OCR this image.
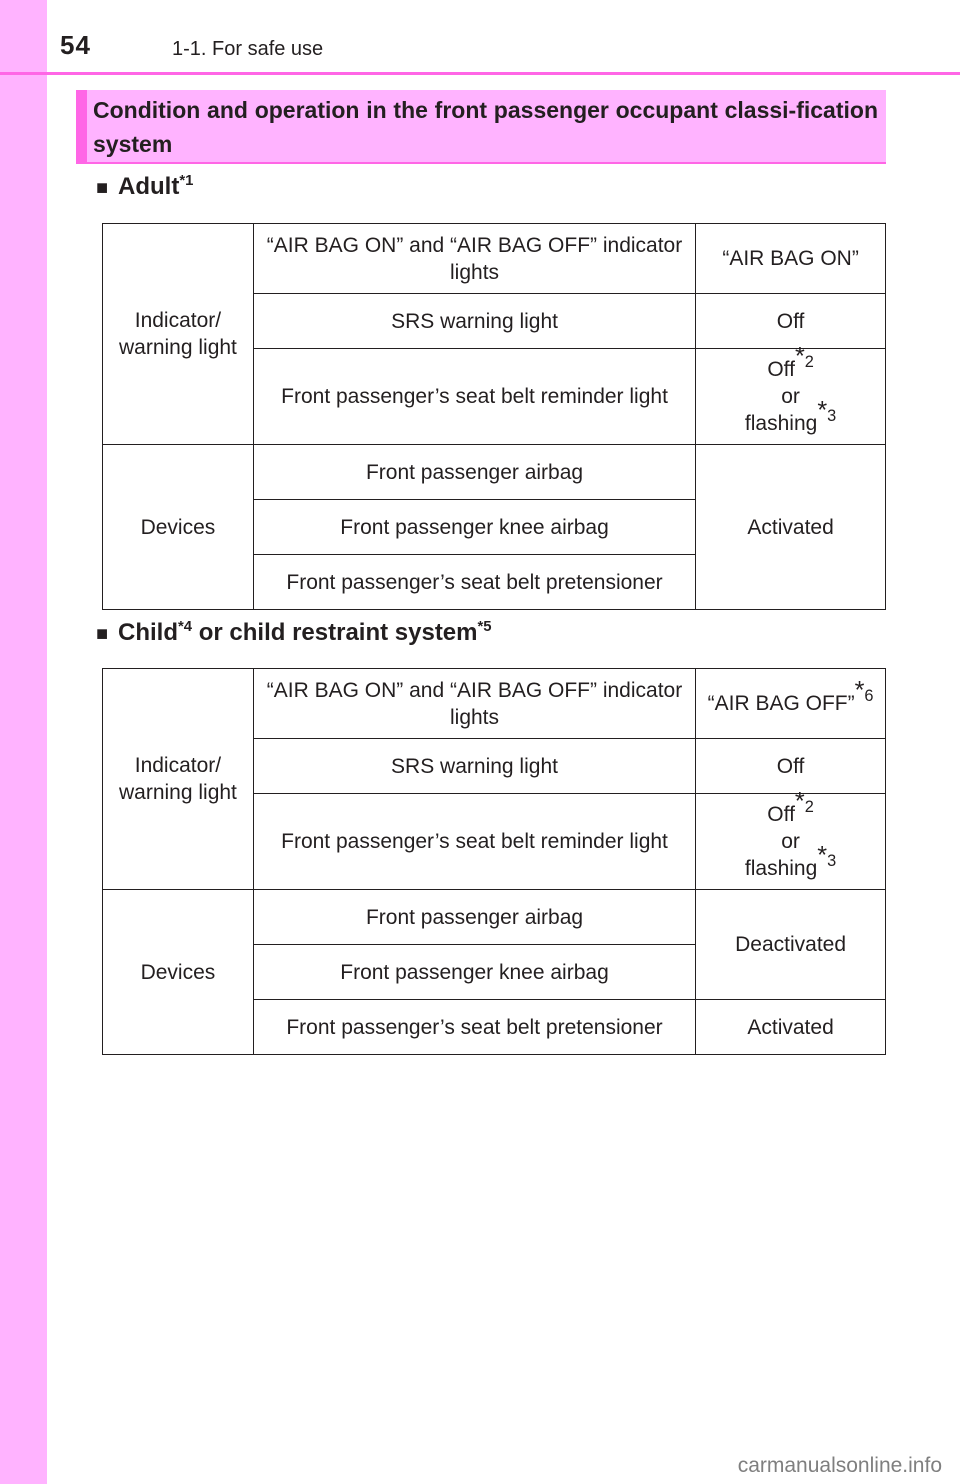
54	1-1. For safe use
Condition and operation in the front passenger occupant classi-fication system
■ Adult$^{*1}$
Indicator/ warning light	“AIR BAG ON” and “AIR BAG OFF” indicator lights	“AIR BAG ON”
	SRS warning light	Off
	Front passenger’s seat belt reminder light	Off*$^2$
or
flashing*$^3$
Devices	Front passenger airbag	Activated
	Front passenger knee airbag	
	Front passenger’s seat belt pretensioner	
■ Child$^{*4}$ or child restraint system$^{*5}$
Indicator/ warning light	“AIR BAG ON” and “AIR BAG OFF” indicator lights	“AIR BAG OFF”*$^6$
	SRS warning light	Off
	Front passenger’s seat belt reminder light	Off*$^2$
or
flashing*$^3$
Devices	Front passenger airbag	Deactivated
	Front passenger knee airbag	
	Front passenger’s seat belt pretensioner	Activated
carmanualsonline.info
